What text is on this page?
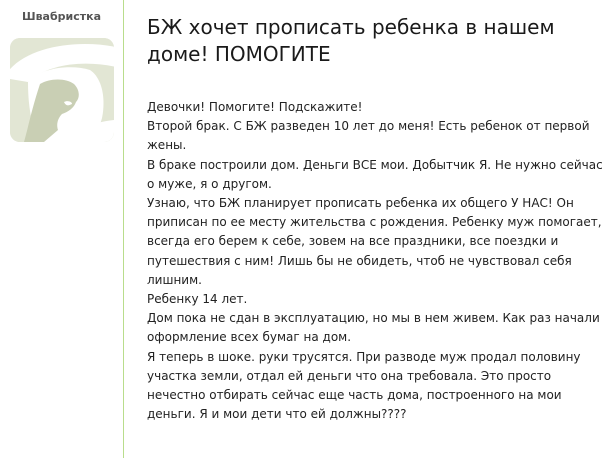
Швабристка БЖ хочет прописать ребенка в нашем доме! ПОМОГИТЕ
Девочки! Помогите! Подскажите!
Второй брак. С БЖ разведен 10 лет до меня! Есть ребенок от первой жены.
В браке построили дом. Деньги ВСЕ мои. Добытчик Я. Не нужно сейчас о муже, я о другом.
Узнаю, что БЖ планирует прописать ребенка их общего У НАС! Он приписан по ее месту жительства с рождения. Ребенку муж помогает, всегда его берем к себе, зовем на все праздники, все поездки и путешествия с ним! Лишь бы не обидеть, чтоб не чувствовал себя лишним.
Ребенку 14 лет.
Дом пока не сдан в эксплуатацию, но мы в нем живем. Как раз начали оформление всех бумаг на дом.
Я теперь в шоке. руки трусятся. При разводе муж продал половину участка земли, отдал ей деньги что она требовала. Это просто нечестно отбирать сейчас еще часть дома, построенного на мои деньги. Я и мои дети что ей должны????
